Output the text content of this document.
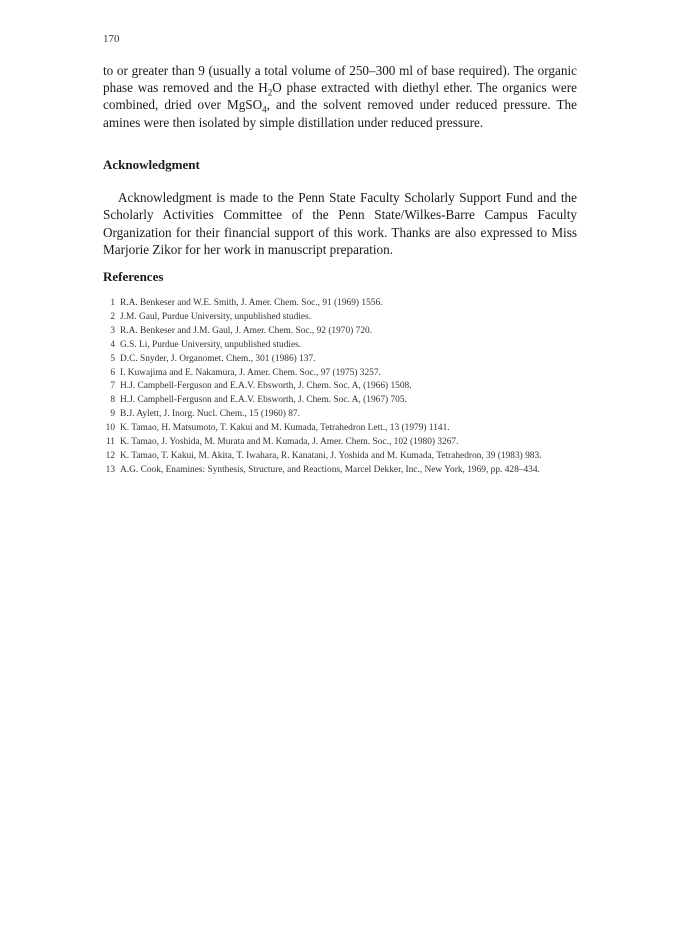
170

to or greater than 9 (usually a total volume of 250–300 ml of base required). The organic phase was removed and the $H_2O$ phase extracted with diethyl ether. The organics were combined, dried over MgSO$_4$, and the solvent removed under reduced pressure. The amines were then isolated by simple distillation under reduced pressure.

Acknowledgment

Acknowledgment is made to the Penn State Faculty Scholarly Support Fund and the Scholarly Activities Committee of the Penn State/Wilkes-Barre Campus Faculty Organization for their financial support of this work. Thanks are also expressed to Miss Marjorie Zikor for her work in manuscript preparation.

References
1 R.A. Benkeser and W.E. Smith, J. Amer. Chem. Soc., 91 (1969) 1556.
2 J.M. Gaul, Purdue University, unpublished studies.
3 R.A. Benkeser and J.M. Gaul, J. Amer. Chem. Soc., 92 (1970) 720.
4 G.S. Li, Purdue University, unpublished studies.
5 D.C. Snyder, J. Organomet. Chem., 301 (1986) 137.
6 I. Kuwajima and E. Nakamura, J. Amer. Chem. Soc., 97 (1975) 3257.
7 H.J. Campbell-Ferguson and E.A.V. Ebsworth, J. Chem. Soc. A, (1966) 1508.
8 H.J. Campbell-Ferguson and E.A.V. Ebsworth, J. Chem. Soc. A, (1967) 705.
9 B.J. Aylett, J. Inorg. Nucl. Chem., 15 (1960) 87.
10 K. Tamao, H. Matsumoto, T. Kakui and M. Kumada, Tetrahedron Lett., 13 (1979) 1141.
11 K. Tamao, J. Yoshida, M. Murata and M. Kumada, J. Amer. Chem. Soc., 102 (1980) 3267.
12 K. Tamao, T. Kakui, M. Akita, T. Iwahara, R. Kanatani, J. Yoshida and M. Kumada, Tetrahedron, 39 (1983) 983.
13 A.G. Cook, Enamines: Synthesis, Structure, and Reactions, Marcel Dekker, Inc., New York, 1969, pp. 428–434.
